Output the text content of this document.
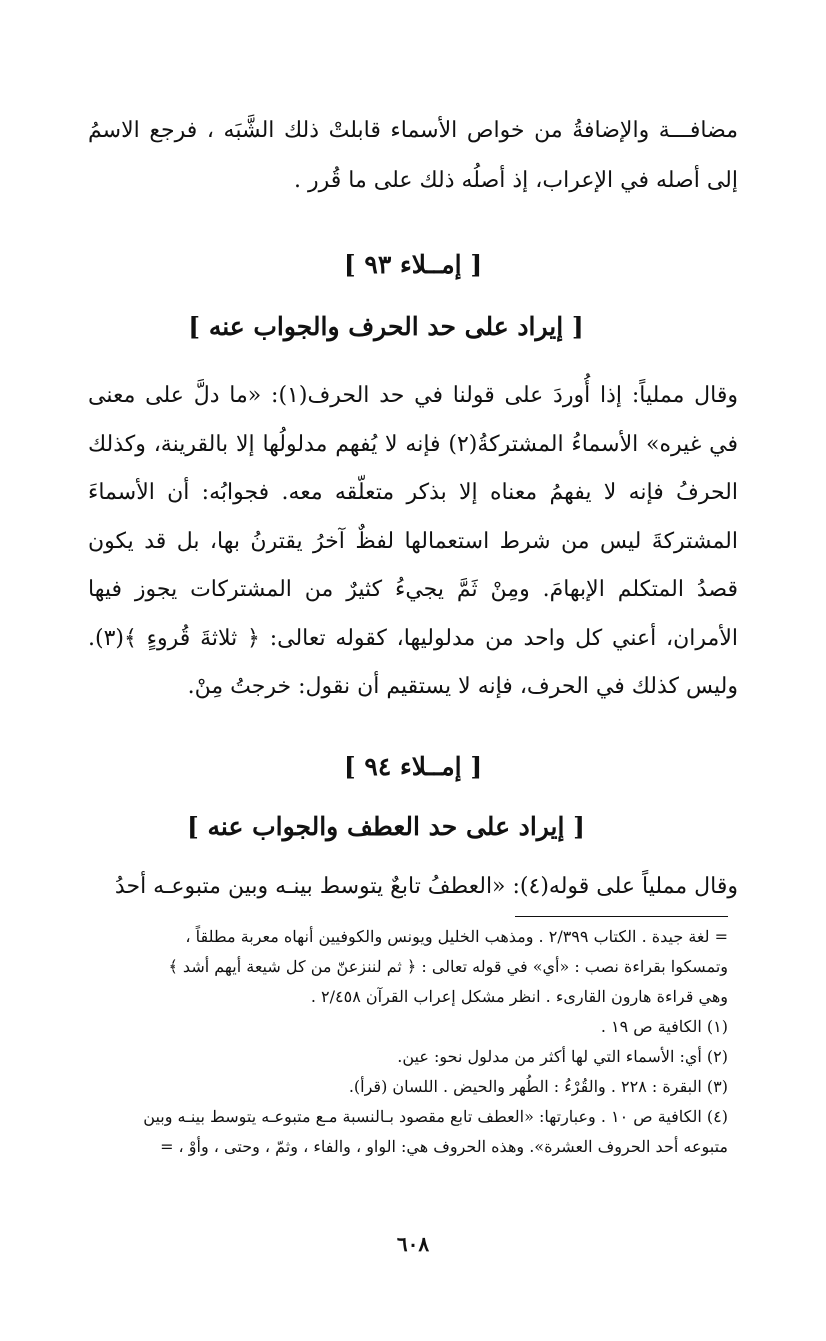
مضافـــة والإضافةُ من خواص الأسماء قابلتْ ذلك الشَّبَه ، فرجع الاسمُ إلى أصله في الإعراب، إذ أصلُه ذلك على ما قُرر .
[ إمــلاء ٩٣ ]
[ إيراد على حد الحرف والجواب عنه ]
وقال مملياً: إذا أُوردَ على قولنا في حد الحرف(١): «ما دلَّ على معنى في غيره» الأسماءُ المشتركةُ(٢) فإنه لا يُفهم مدلولُها إلا بالقرينة، وكذلك الحرفُ فإنه لا يفهمُ معناه إلا بذكر متعلّقه معه. فجوابُه: أن الأسماءَ المشتركةَ ليس من شرط استعمالها لفظٌ آخرُ يقترنُ بها، بل قد يكون قصدُ المتكلم الإبهامَ. ومِنْ ثَمَّ يجيءُ كثيرٌ من المشتركات يجوز فيها الأمران، أعني كل واحد من مدلوليها، كقوله تعالى: ﴿ ثلاثةَ قُروءٍ ﴾(٣). وليس كذلك في الحرف، فإنه لا يستقيم أن نقول: خرجتُ مِنْ.
[ إمــلاء ٩٤ ]
[ إيراد على حد العطف والجواب عنه ]
وقال مملياً على قوله(٤): «العطفُ تابعٌ يتوسط بينـه وبين متبوعـه أحدُ
= لغة جيدة . الكتاب ٢/٣٩٩ . ومذهب الخليل ويونس والكوفيين أنهاه معربة مطلقاً ،
وتمسكوا بقراءة نصب : «أي» في قوله تعالى : ﴿ ثم لننزعنّ من كل شيعة أيهم أشد ﴾
وهي قراءة هارون القارىء . انظر مشكل إعراب القرآن ٢/٤٥٨ .
(١) الكافية ص ١٩ .
(٢) أي: الأسماء التي لها أكثر من مدلول نحو: عين.
(٣) البقرة : ٢٢٨ . والقُرْءُ : الطُهر والحيض . اللسان (قرأ).
(٤) الكافية ص ١٠ . وعبارتها: «العطف تابع مقصود بـالنسبة مـع متبوعـه يتوسط بينـه وبين
متبوعه أحد الحروف العشرة». وهذه الحروف هي: الواو ، والفاء ، وثمّ ، وحتى ، وأوْ ، =
٦٠٨
